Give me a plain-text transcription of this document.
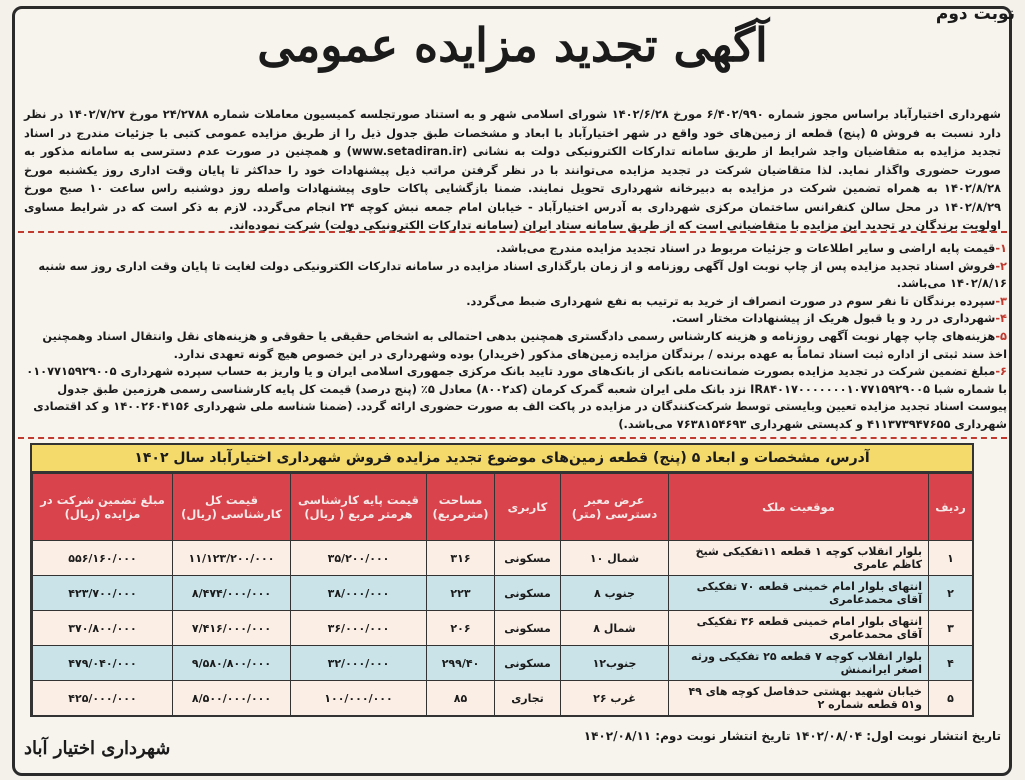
نوبت دوم
آگهی تجدید مزایده عمومی
شهرداری اختیارآباد براساس مجوز شماره ۶/۴۰۲/۹۹۰ مورخ ۱۴۰۲/۶/۲۸ شورای اسلامی شهر و به استناد صورتجلسه کمیسیون معاملات شماره ۲۴/۲۷۸۸ مورخ ۱۴۰۲/۷/۲۷ در نظر دارد نسبت به فروش ۵ (پنج) قطعه از زمین‌های خود واقع در شهر اختیارآباد با ابعاد و مشخصات طبق جدول ذیل را از طریق مزایده عمومی کتبی با جزئیات مندرج در اسناد تجدید مزایده به متقاضیان واجد شرایط از طریق سامانه تدارکات الکترونیکی دولت به نشانی (www.setadiran.ir) و همچنین در صورت عدم دسترسی به سامانه مذکور به صورت حضوری واگذار نماید. لذا متقاضیان شرکت در تجدید مزایده می‌توانند با در نظر گرفتن مراتب ذیل پیشنهادات خود را حداکثر تا پایان وقت اداری روز یکشنبه مورخ ۱۴۰۲/۸/۲۸ به همراه تضمین شرکت در مزایده به دبیرخانه شهرداری تحویل نمایند. ضمنا بازگشایی پاکات حاوی پیشنهادات واصله روز دوشنبه راس ساعت ۱۰ صبح مورخ ۱۴۰۲/۸/۲۹ در محل سالن کنفرانس ساختمان مرکزی شهرداری به آدرس اختیارآباد - خیابان امام جمعه نبش کوچه ۲۴ انجام می‌گردد. لازم به ذکر است که در شرایط مساوی اولویت برندگان در تجدید این مزایده با متقاضیانی است که از طریق سامانه ستاد ایران (سامانه تدارکات الکترونیکی دولت) شرکت نموده‌اند.

۱-قیمت پایه اراضی و سایر اطلاعات و جزئیات مربوط در اسناد تجدید مزایده مندرج می‌باشد.

۲-فروش اسناد تجدید مزایده پس از چاپ نوبت اول آگهی روزنامه و از زمان بارگذاری اسناد مزایده در سامانه تدارکات الکترونیکی دولت لغایت تا پایان وقت اداری روز سه شنبه ۱۴۰۲/۸/۱۶ می‌باشد.

۳-سپرده برندگان تا نفر سوم در صورت انصراف از خرید به ترتیب به نفع شهرداری ضبط می‌گردد.

۴-شهرداری در رد و یا قبول هریک از پیشنهادات مختار است.

۵-هزینه‌های چاپ چهار نوبت آگهی روزنامه و هزینه کارشناس رسمی دادگستری همچنین بدهی احتمالی به اشخاص حقیقی یا حقوقی و هزینه‌های نقل وانتقال اسناد وهمچنین اخذ سند ثبتی از اداره ثبت اسناد تماماً به عهده برنده / برندگان مزایده زمین‌های مذکور (خریدار) بوده وشهرداری در این خصوص هیچ گونه تعهدی ندارد.

۶-مبلغ تضمین شرکت در تجدید مزایده بصورت ضمانت‌نامه بانکی از بانک‌های مورد تایید بانک مرکزی جمهوری اسلامی ایران و یا واریز به حساب سپرده شهرداری ۰۱۰۷۷۱۵۹۲۹۰۰۵ با شماره شبا IR۸۴۰۱۷۰۰۰۰۰۰۰۱۰۷۷۱۵۹۲۹۰۰۵ نزد بانک ملی ایران شعبه گمرک کرمان (کد۸۰۰۲) معادل ۵٪ (پنج درصد) قیمت کل پایه کارشناسی رسمی هرزمین طبق جدول پیوست اسناد تجدید مزایده تعیین وبایستی توسط شرکت‌کنندگان در مزایده در پاکت الف به صورت حضوری ارائه گردد. (ضمنا شناسه ملی شهرداری ۱۴۰۰۲۶۰۴۱۵۶ و کد اقتصادی شهرداری ۴۱۱۳۷۳۹۴۷۶۵۵ و کدپستی شهرداری ۷۶۳۸۱۵۴۶۹۳ می‌باشد.)

آدرس، مشخصات و ابعاد ۵ (پنج) قطعه زمین‌های موضوع تجدید مزایده فروش شهرداری اختیارآباد سال ۱۴۰۲
ردیف	موقعیت ملک	عرض معبر دسترسی (متر)	کاربری	مساحت (مترمربع)	قیمت پایه کارشناسی هرمتر مربع ( ریال)	قیمت کل کارشناسی (ریال)	مبلغ تضمین شرکت در مزایده (ریال)
۱	بلوار انقلاب کوچه ۱ قطعه ۱۱تفکیکی شیخ کاظم عامری	شمال ۱۰	مسکونی	۳۱۶	۳۵/۲۰۰/۰۰۰	۱۱/۱۲۳/۲۰۰/۰۰۰	۵۵۶/۱۶۰/۰۰۰
۲	انتهای بلوار امام خمینی قطعه ۷۰ تفکیکی آقای محمدعامری	جنوب ۸	مسکونی	۲۲۳	۳۸/۰۰۰/۰۰۰	۸/۴۷۴/۰۰۰/۰۰۰	۴۲۳/۷۰۰/۰۰۰
۳	انتهای بلوار امام خمینی قطعه ۳۶ تفکیکی آقای محمدعامری	شمال ۸	مسکونی	۲۰۶	۳۶/۰۰۰/۰۰۰	۷/۴۱۶/۰۰۰/۰۰۰	۳۷۰/۸۰۰/۰۰۰
۴	بلوار انقلاب کوچه ۷ قطعه ۲۵ تفکیکی ورثه اصغر ایرانمنش	جنوب۱۲	مسکونی	۲۹۹/۴۰	۳۲/۰۰۰/۰۰۰	۹/۵۸۰/۸۰۰/۰۰۰	۴۷۹/۰۴۰/۰۰۰
۵	خیابان شهید بهشتی حدفاصل کوچه های ۴۹ و۵۱ قطعه شماره ۲	غرب ۲۶	تجاری	۸۵	۱۰۰/۰۰۰/۰۰۰	۸/۵۰۰/۰۰۰/۰۰۰	۴۲۵/۰۰۰/۰۰۰
تاریخ انتشار نوبت اول: ۱۴۰۲/۰۸/۰۴ تاریخ انتشار نوبت دوم: ۱۴۰۲/۰۸/۱۱
شهرداری اختیار آباد
